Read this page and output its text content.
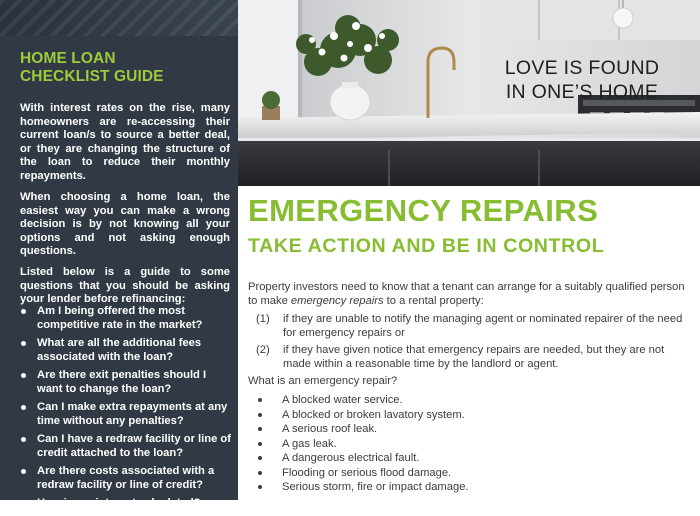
HOME LOAN
CHECKLIST GUIDE
With interest rates on the rise, many homeowners are re-accessing their current loan/s to source a better deal, or they are changing the structure of the loan to reduce their monthly repayments.
When choosing a home loan, the easiest way you can make a wrong decision is by not knowing all your options and not asking enough questions.
Listed below is a guide to some questions that you should be asking your lender before refinancing:
Am I being offered the most competitive rate in the market?
What are all the additional fees associated with the loan?
Are there exit penalties should I want to change the loan?
Can I make extra repayments at any time without any penalties?
Can I have a redraw facility or line of credit attached to the loan?
Are there costs associated with a redraw facility or line of credit?
How is my interest calculated?
LOVE IS FOUND
IN ONE’S HOME
EMERGENCY REPAIRS
TAKE ACTION AND BE IN CONTROL
Property investors need to know that a tenant can arrange for a suitably qualified person to make emergency repairs to a rental property:
(1) if they are unable to notify the managing agent or nominated repairer of the need for emergency repairs or
(2) if they have given notice that emergency repairs are needed, but they are not made within a reasonable time by the landlord or agent.
What is an emergency repair?
A blocked water service.
A blocked or broken lavatory system.
A serious roof leak.
A gas leak.
A dangerous electrical fault.
Flooding or serious flood damage.
Serious storm, fire or impact damage.
